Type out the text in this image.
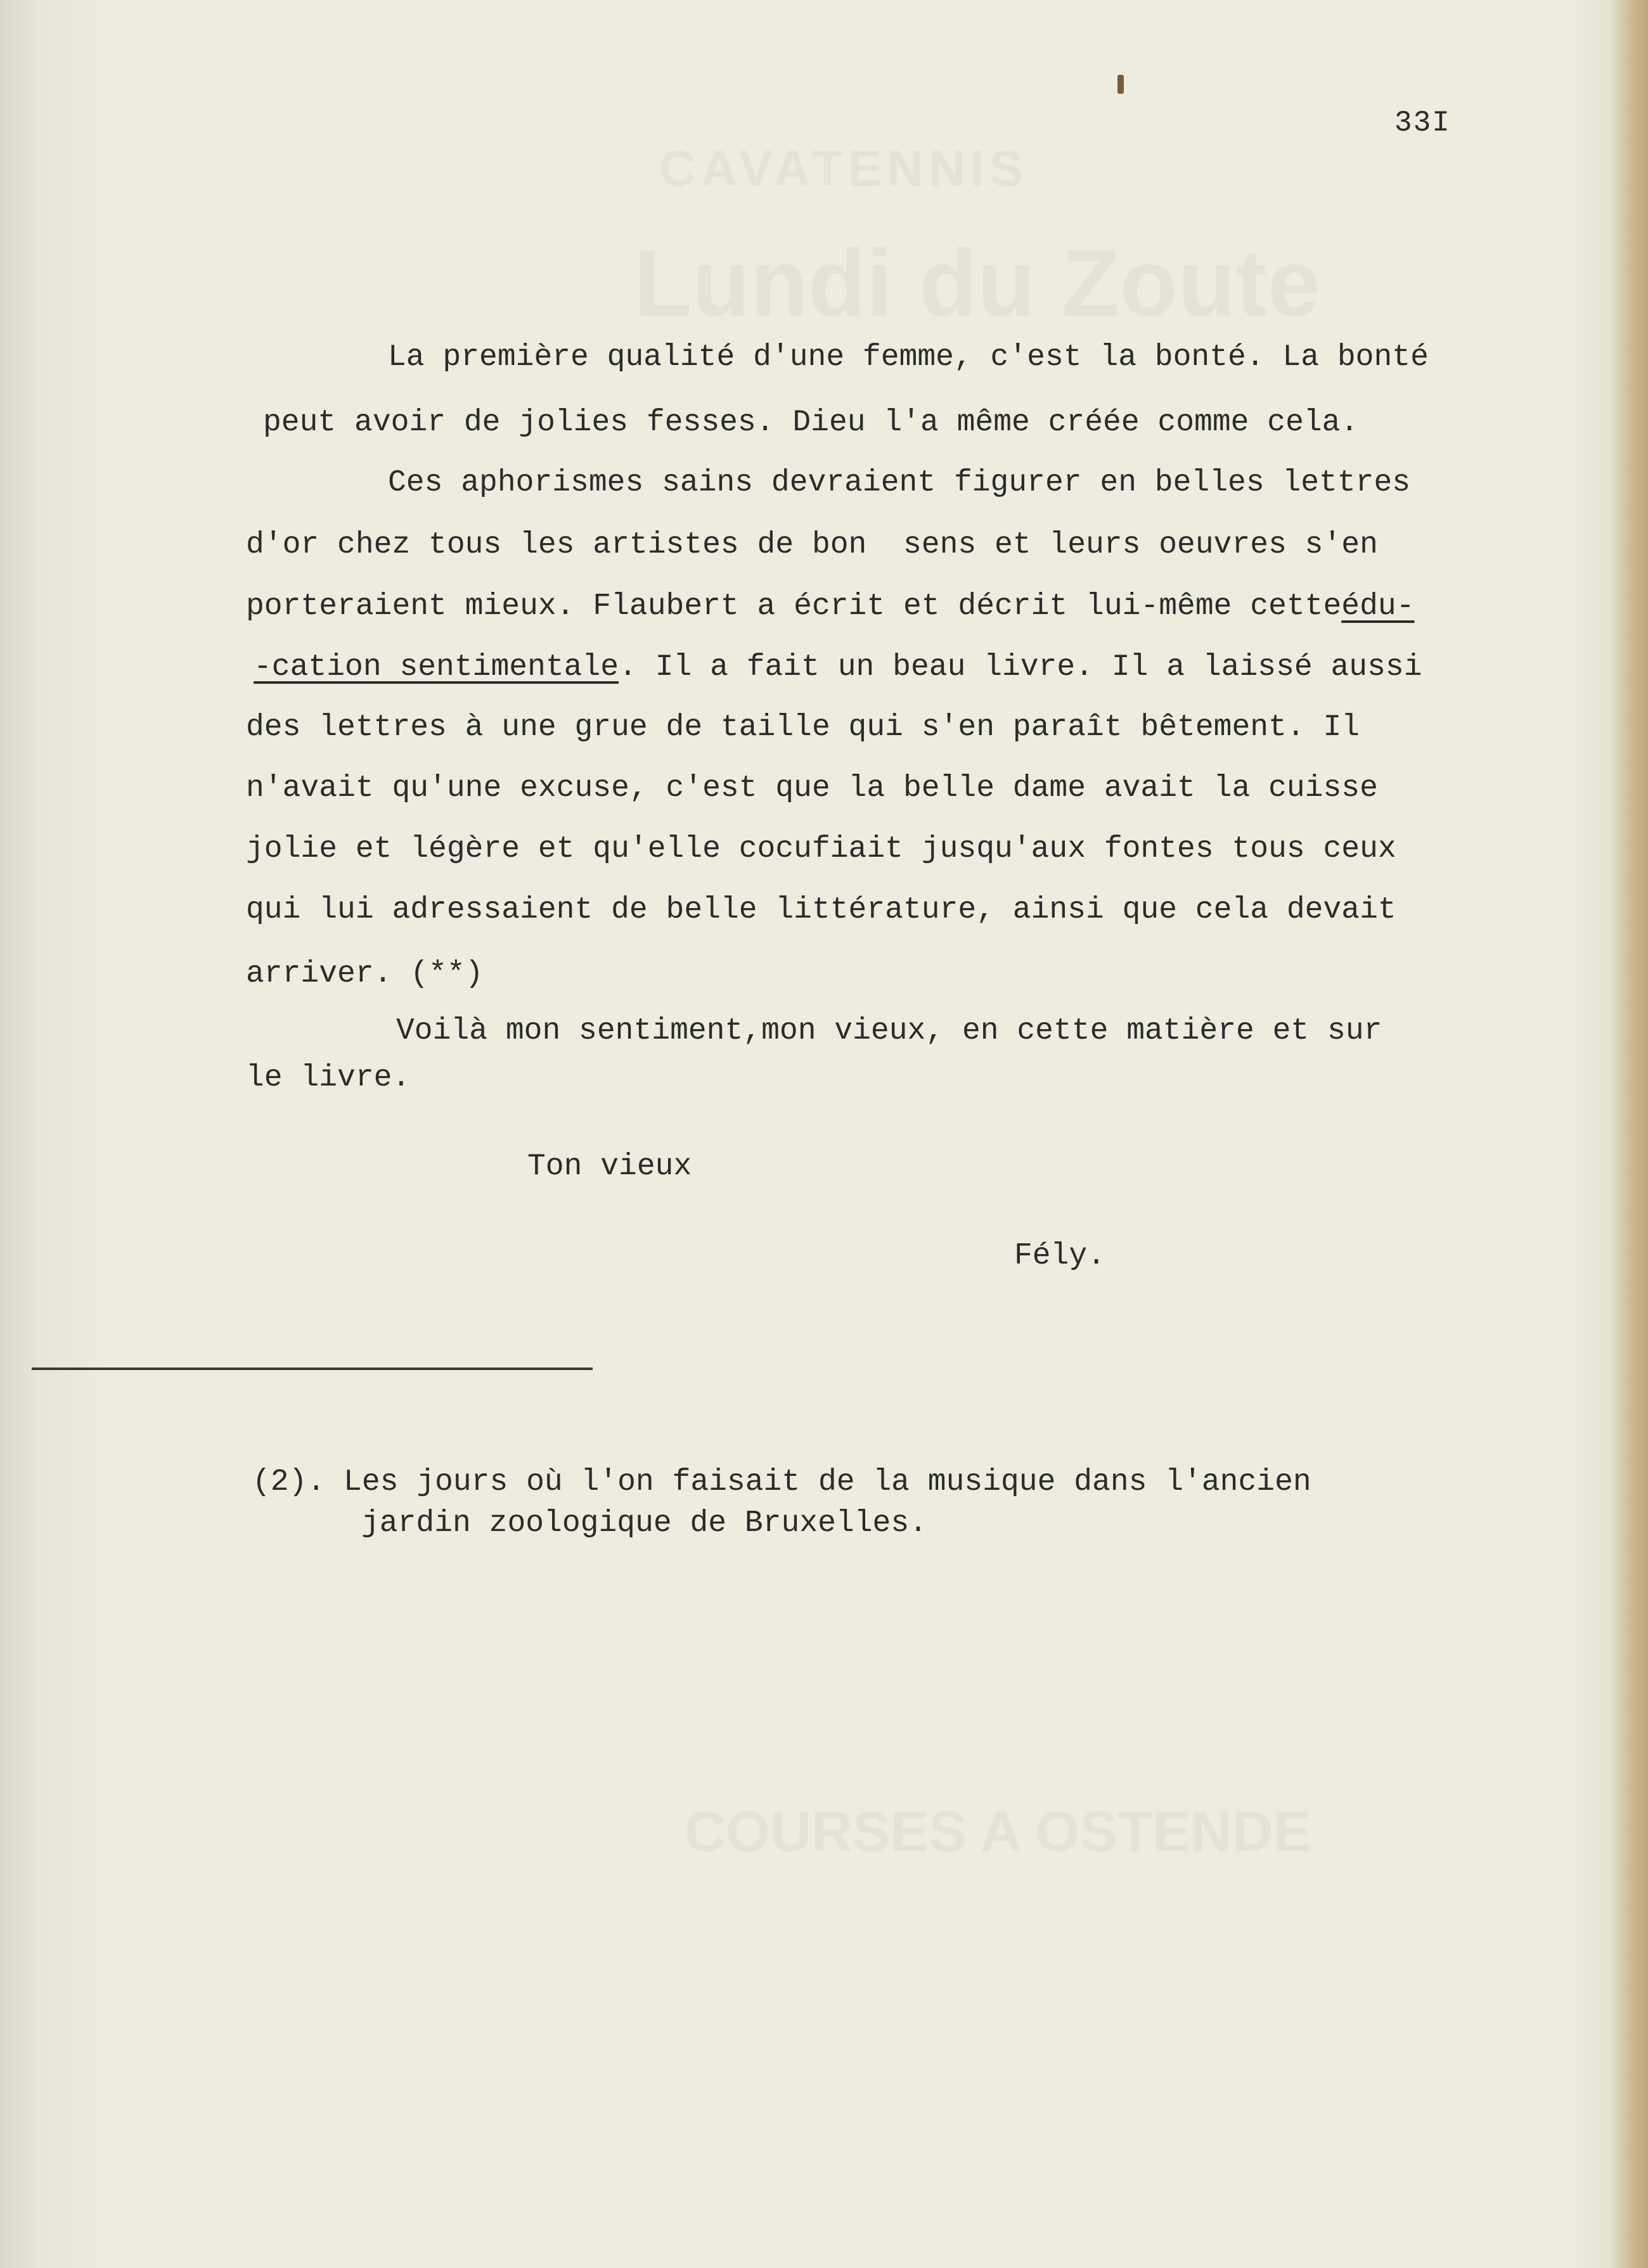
CAVATENNIS
Lundi du Zoute
COURSES A OSTENDE
33I
La première qualité d'une femme, c'est la bonté. La bonté
peut avoir de jolies fesses. Dieu l'a même créée comme cela.
Ces aphorismes sains devraient figurer en belles lettres
d'or chez tous les artistes de bon  sens et leurs oeuvres s'en
porteraient mieux. Flaubert a écrit et décrit lui-même cetteédu-
-cation sentimentale. Il a fait un beau livre. Il a laissé aussi
des lettres à une grue de taille qui s'en paraît bêtement. Il
n'avait qu'une excuse, c'est que la belle dame avait la cuisse
jolie et légère et qu'elle cocufiait jusqu'aux fontes tous ceux
qui lui adressaient de belle littérature, ainsi que cela devait
arriver. (**)
Voilà mon sentiment,mon vieux, en cette matière et sur
le livre.
Ton vieux
Fély.
(2). Les jours où l'on faisait de la musique dans l'ancien
jardin zoologique de Bruxelles.
